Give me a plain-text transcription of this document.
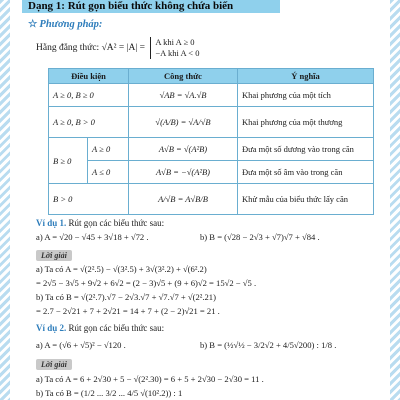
Dạng 1: Rút gọn biểu thức không chứa biến
☆ Phương pháp:
Hằng đẳng thức: √A² = |A| = A khi A ≥ 0
−A khi A < 0
Điều kiện		Công thức	Ý nghĩa
A ≥ 0, B ≥ 0		√AB = √A.√B	Khai phương của một tích
A ≥ 0, B > 0		√(A/B) = √A/√B	Khai phương của một thương
B ≥ 0	A ≥ 0	A√B = √(A²B)	Đưa một số dương vào trong căn
	A ≤ 0	A√B = −√(A²B)	Đưa một số âm vào trong căn
B > 0		A/√B = A√B/B	Khử mẫu của biểu thức lấy căn
Ví dụ 1. Rút gọn các biểu thức sau:
a) A = √20 − √45 + 3√18 + √72 .	b) B = (√28 − 2√3 + √7)√7 + √84 .
Lời giải
a) Ta có A = √(2².5) − √(3².5) + 3√(3².2) + √(6².2)
= 2√5 − 3√5 + 9√2 + 6√2 = (2 − 3)√5 + (9 + 6)√2 = 15√2 − √5 .
b) Ta có B = √(2².7).√7 − 2√3.√7 + √7.√7 + √(2².21)
= 2.7 − 2√21 + 7 + 2√21 = 14 + 7 + (2 − 2)√21 = 21 .
Ví dụ 2. Rút gọn các biểu thức sau:
a) A = (√6 + √5)² − √120 .	b) B = (½√½ − 3/2√2 + 4/5√200) : 1/8 .
Lời giải
a) Ta có A = 6 + 2√30 + 5 − √(2².30) = 6 + 5 + 2√30 − 2√30 = 11 .
b) Ta có B = (1/2 ... 3/2 ... 4/5 √(10².2)) : 1
